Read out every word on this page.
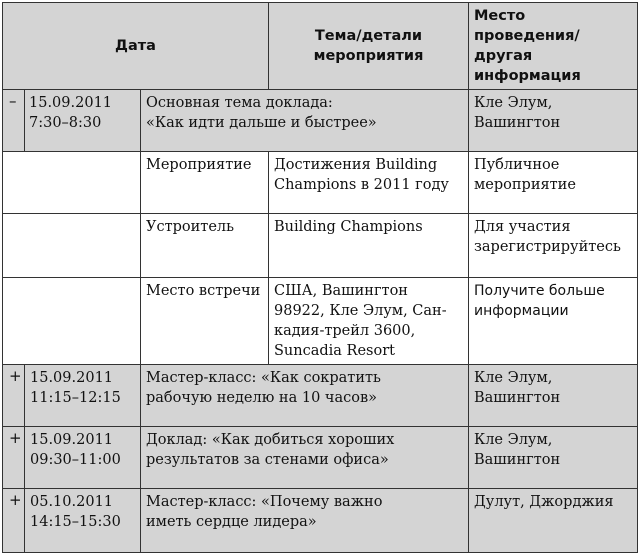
Дата			Тема/детали мероприятия	Место проведения/
другая информация

–	15.09.2011
7:30–8:30	Основная тема доклада:
«Как идти дальше и быстрее»		Кле Элум,
Вашингтон

		Мероприятие	Достижения Building
Champions в 2011 году	Публичное
мероприятие

		Устроитель	Building Champions	Для участия
зарегистрируйтесь

		Место встречи	США, Вашингтон
98922, Кле Элум, Сан-
кадия-трейл 3600,
Suncadia Resort	Получите больше
информации

+	15.09.2011
11:15–12:15	Мастер-класс: «Как сократить
рабочую неделю на 10 часов»		Кле Элум,
Вашингтон

+	15.09.2011
09:30–11:00	Доклад: «Как добиться хороших
результатов за стенами офиса»		Кле Элум,
Вашингтон

+	05.10.2011
14:15–15:30	Мастер-класс: «Почему важно
иметь сердце лидера»		Дулут, Джорджия
